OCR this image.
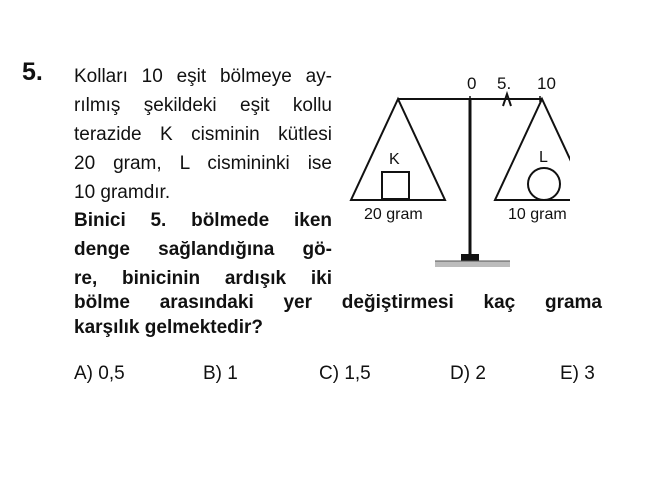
5. Kolları 10 eşit bölmeye ay-
rılmış şekildeki eşit kollu
terazide K cisminin kütlesi
20 gram, L cismininki ise
10 gramdır.
Binici 5. bölmede iken
denge sağlandığına gö-
re, binicinin ardışık iki
bölme arasındaki yer değiştirmesi kaç grama
karşılık gelmektedir?
0 5. 10
K
20 gram
L
10 gram
A) 0,5	B) 1	C) 1,5	D) 2	E) 3
